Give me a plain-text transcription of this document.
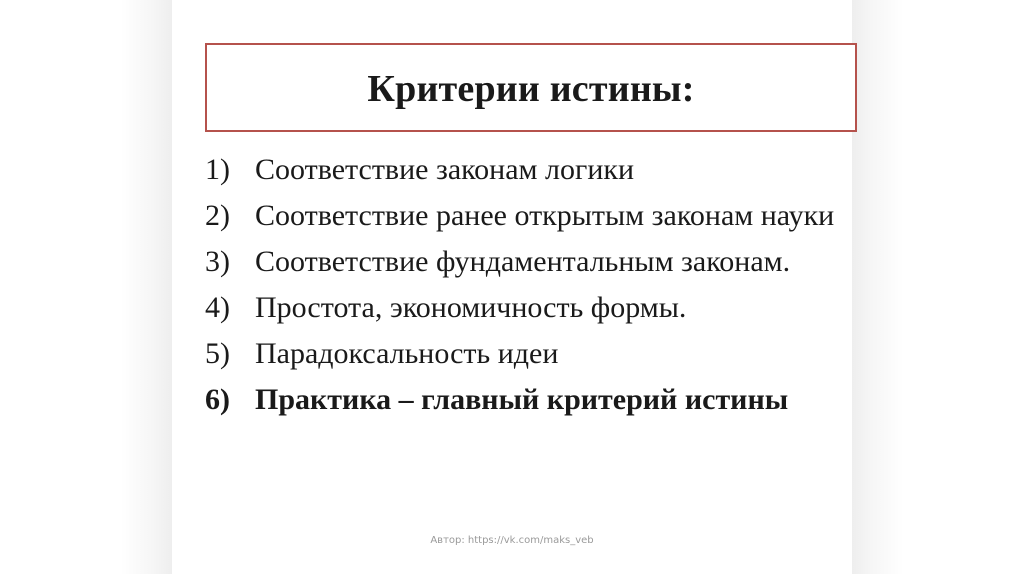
Критерии истины:
1) Соответствие законам логики
2) Соответствие ранее открытым законам науки
3) Соответствие фундаментальным законам.
4) Простота, экономичность формы.
5) Парадоксальность идеи
6) Практика – главный критерий истины
Автор: https://vk.com/maks_veb
